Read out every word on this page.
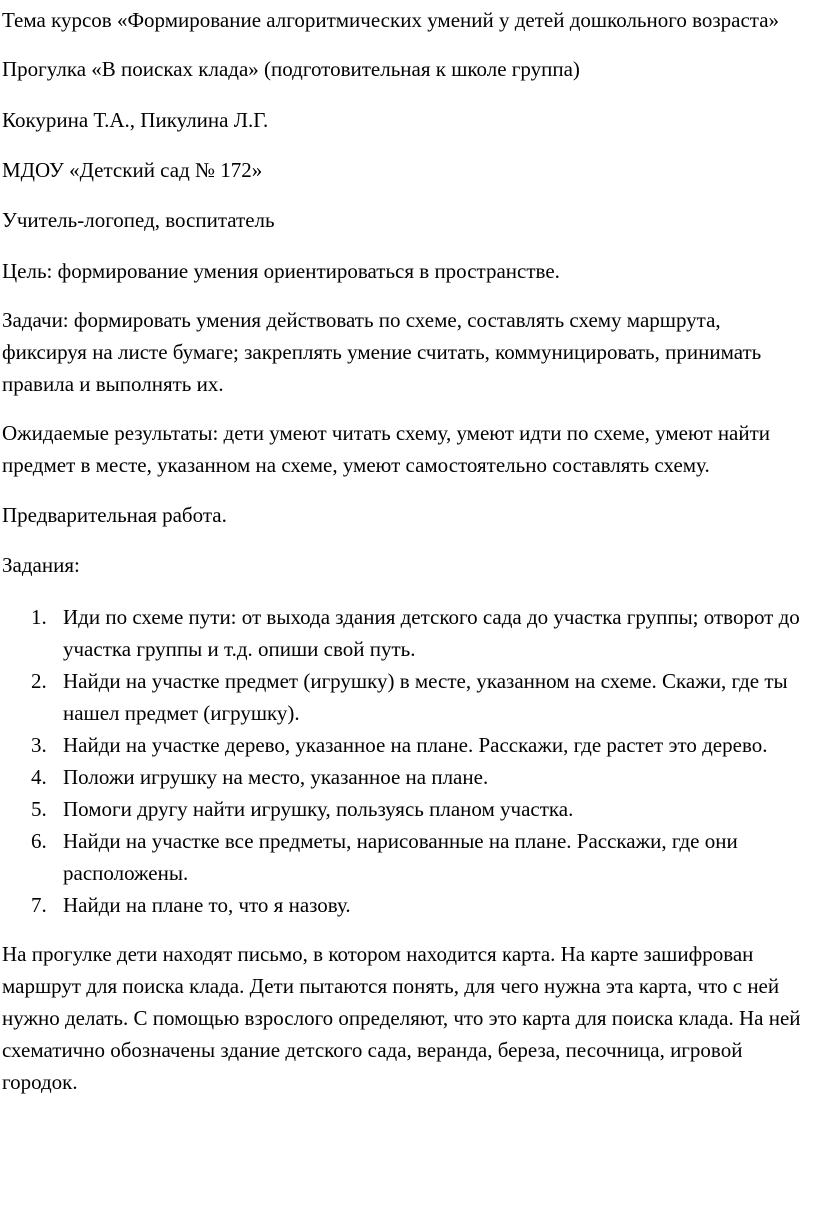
Тема курсов «Формирование алгоритмических умений у детей дошкольного возраста»

Прогулка «В поисках клада» (подготовительная к школе группа)

Кокурина Т.А., Пикулина Л.Г.

МДОУ «Детский сад № 172»

Учитель-логопед, воспитатель

Цель: формирование умения ориентироваться в пространстве.

Задачи: формировать умения действовать по схеме, составлять схему маршрута, фиксируя на листе бумаге; закреплять умение считать, коммуницировать, принимать правила и выполнять их.

Ожидаемые результаты: дети умеют читать схему, умеют идти по схеме, умеют найти предмет в месте, указанном на схеме, умеют самостоятельно составлять схему.

Предварительная работа.

Задания:

1. Иди по схеме пути: от выхода здания детского сада до участка группы; отворот до участка группы и т.д. опиши свой путь.
2. Найди на участке предмет (игрушку) в месте, указанном на схеме. Скажи, где ты нашел предмет (игрушку).
3. Найди на участке дерево, указанное на плане. Расскажи, где растет это дерево.
4. Положи игрушку на место, указанное на плане.
5. Помоги другу найти игрушку, пользуясь планом участка.
6. Найди на участке все предметы, нарисованные на плане. Расскажи, где они расположены.
7. Найди на плане то, что я назову.

На прогулке дети находят письмо, в котором находится карта. На карте зашифрован маршрут для поиска клада. Дети пытаются понять, для чего нужна эта карта, что с ней нужно делать. С помощью взрослого определяют, что это карта для поиска клада. На ней схематично обозначены здание детского сада, веранда, береза, песочница, игровой городок.
